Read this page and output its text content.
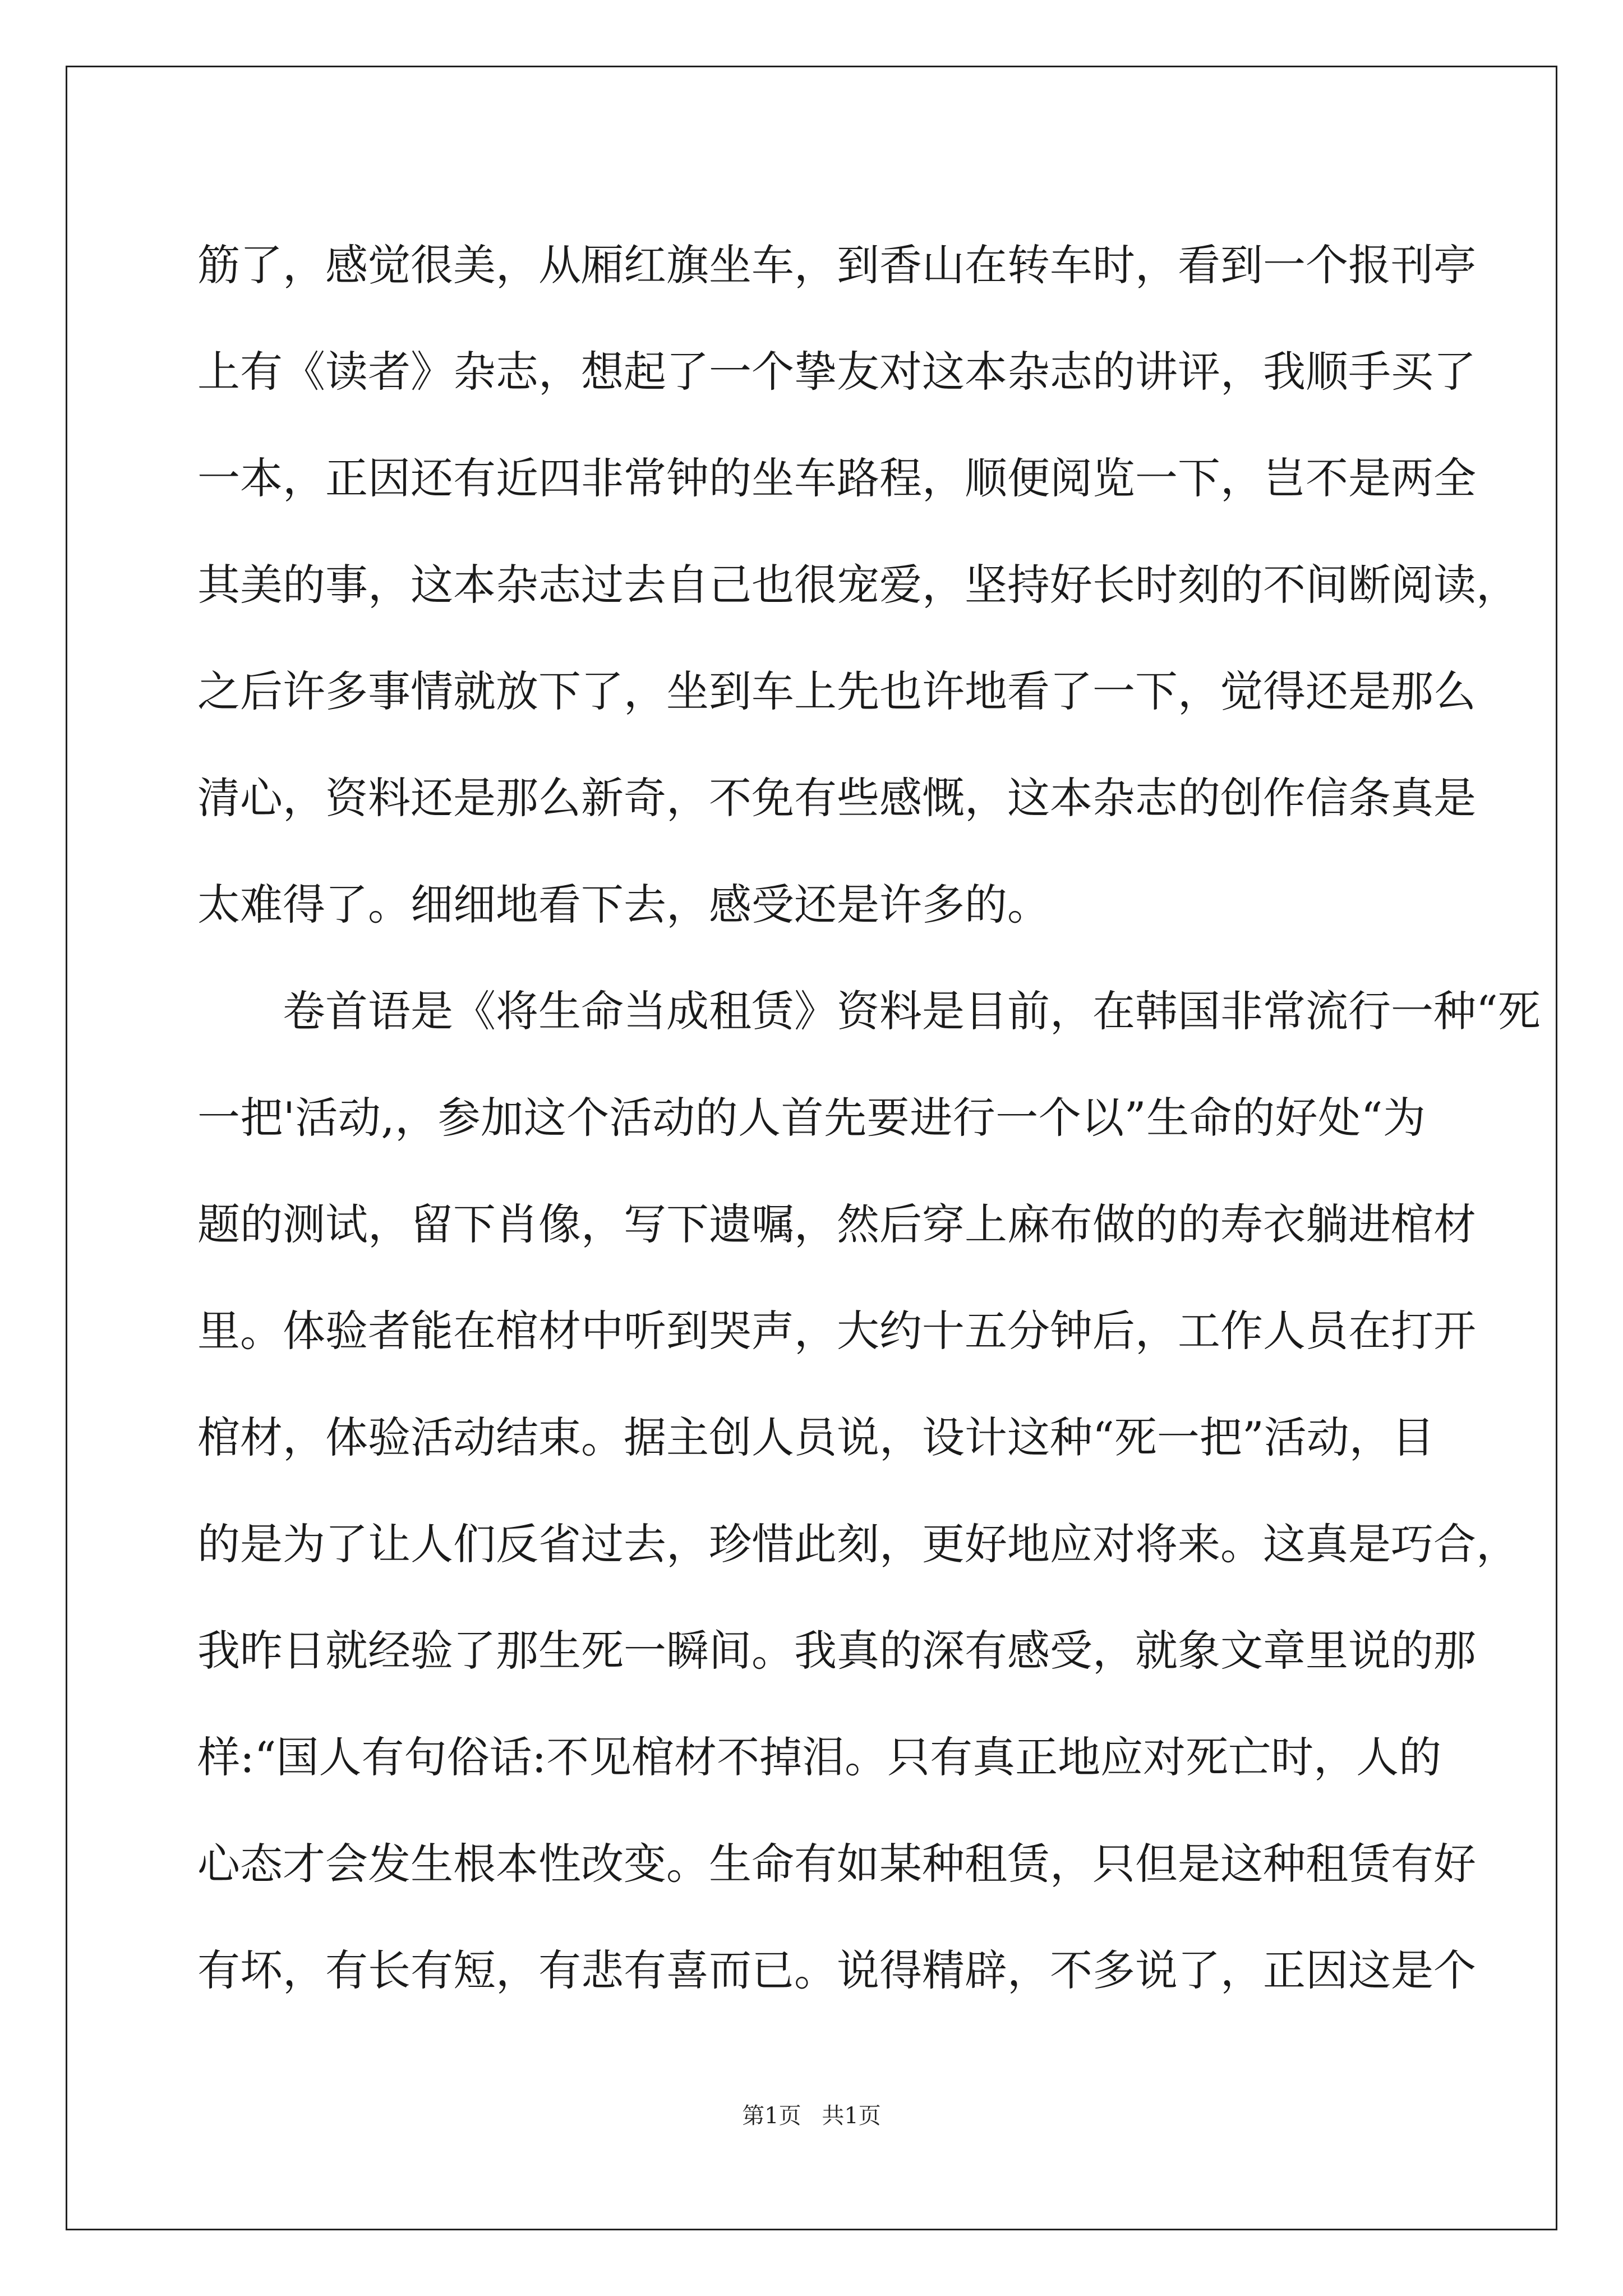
筋了，感觉很美，从厢红旗坐车，到香山在转车时，看到一个报刊亭
上有《读者》杂志，想起了一个挚友对这本杂志的讲评，我顺手买了
一本，正因还有近四非常钟的坐车路程，顺便阅览一下，岂不是两全
其美的事，这本杂志过去自己也很宠爱，坚持好长时刻的不间断阅读，
之后许多事情就放下了，坐到车上先也许地看了一下，觉得还是那么
清心，资料还是那么新奇，不免有些感慨，这本杂志的创作信条真是
太难得了。细细地看下去，感受还是许多的。
卷首语是《将生命当成租赁》资料是目前，在韩国非常流行一种“死
一把'活动,，参加这个活动的人首先要进行一个以”生命的好处“为
题的测试，留下肖像，写下遗嘱，然后穿上麻布做的的寿衣躺进棺材
里。体验者能在棺材中听到哭声，大约十五分钟后，工作人员在打开
棺材，体验活动结束。据主创人员说，设计这种“死一把”活动，目
的是为了让人们反省过去，珍惜此刻，更好地应对将来。这真是巧合，
我昨日就经验了那生死一瞬间。我真的深有感受，就象文章里说的那
样:“国人有句俗话:不见棺材不掉泪。只有真正地应对死亡时，人的
心态才会发生根本性改变。生命有如某种租赁，只但是这种租赁有好
有坏，有长有短，有悲有喜而已。说得精辟，不多说了，正因这是个
第1页 共1页
